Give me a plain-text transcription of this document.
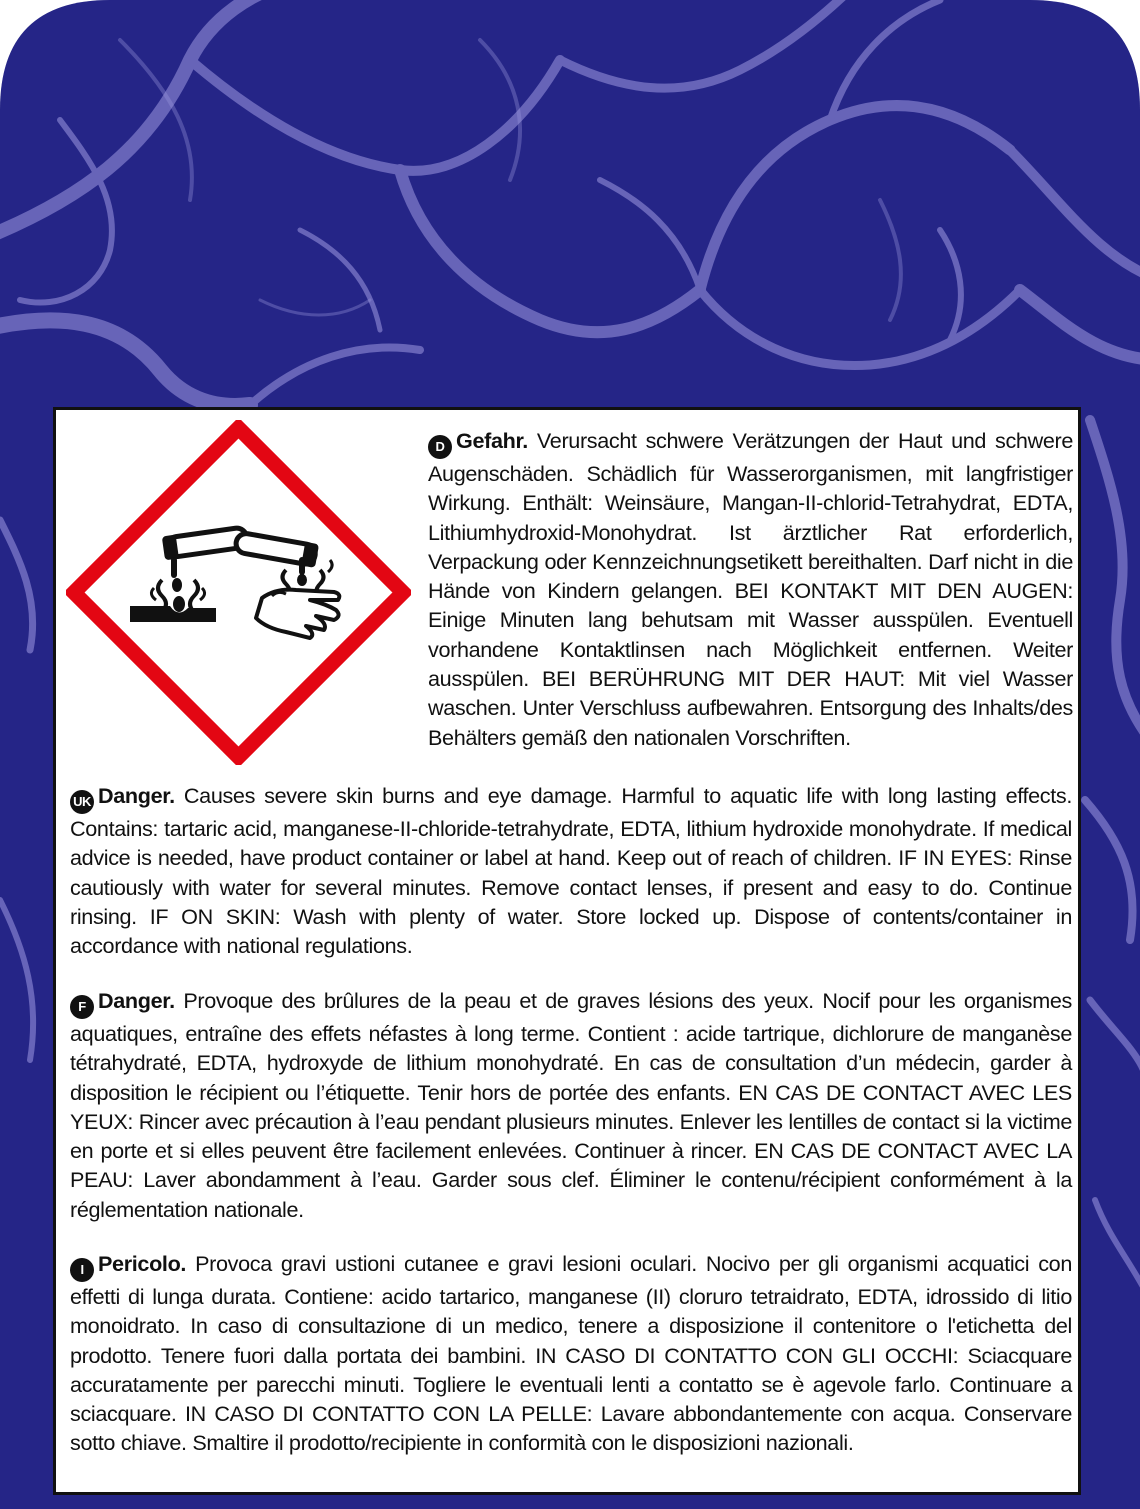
D Gefahr. Verursacht schwere Verätzungen der Haut und schwere Augenschäden. Schädlich für Wasserorganismen, mit langfristiger Wirkung. Enthält: Weinsäure, Mangan-II-chlorid-Tetrahydrat, EDTA, Lithiumhydroxid-Monohydrat. Ist ärztlicher Rat erforderlich, Verpackung oder Kennzeichnungsetikett bereithalten. Darf nicht in die Hände von Kindern gelangen. BEI KONTAKT MIT DEN AUGEN: Einige Minuten lang behutsam mit Wasser ausspülen. Eventuell vorhandene Kontaktlinsen nach Möglichkeit entfernen. Weiter ausspülen. BEI BERÜHRUNG MIT DER HAUT: Mit viel Wasser waschen. Unter Verschluss aufbewahren. Entsorgung des Inhalts/des Behälters gemäß den nationalen Vorschriften.

UK Danger. Causes severe skin burns and eye damage. Harmful to aquatic life with long lasting effects. Contains: tartaric acid, manganese-II-chloride-tetrahydrate, EDTA, lithium hydroxide monohydrate. If medical advice is needed, have product container or label at hand. Keep out of reach of children. IF IN EYES: Rinse cautiously with water for several minutes. Remove contact lenses, if present and easy to do. Continue rinsing. IF ON SKIN: Wash with plenty of water. Store locked up. Dispose of contents/container in accordance with national regulations.

F Danger. Provoque des brûlures de la peau et de graves lésions des yeux. Nocif pour les organismes aquatiques, entraîne des effets néfastes à long terme. Contient : acide tartrique, dichlorure de manganèse tétrahydraté, EDTA, hydroxyde de lithium monohydraté. En cas de consultation d’un médecin, garder à disposition le récipient ou l’étiquette. Tenir hors de portée des enfants. EN CAS DE CONTACT AVEC LES YEUX: Rincer avec précaution à l’eau pendant plusieurs minutes. Enlever les lentilles de contact si la victime en porte et si elles peuvent être facilement enlevées. Continuer à rincer. EN CAS DE CONTACT AVEC LA PEAU: Laver abondamment à l’eau. Garder sous clef. Éliminer le contenu/récipient conformément à la réglementation nationale.

I Pericolo. Provoca gravi ustioni cutanee e gravi lesioni oculari. Nocivo per gli organismi acquatici con effetti di lunga durata. Contiene: acido tartarico, manganese (II) cloruro tetraidrato, EDTA, idrossido di litio monoidrato. In caso di consultazione di un medico, tenere a disposizione il contenitore o l'etichetta del prodotto. Tenere fuori dalla portata dei bambini. IN CASO DI CONTATTO CON GLI OCCHI: Sciacquare accuratamente per parecchi minuti. Togliere le eventuali lenti a contatto se è agevole farlo. Continuare a sciacquare. IN CASO DI CONTATTO CON LA PELLE: Lavare abbondantemente con acqua. Conservare sotto chiave. Smaltire il prodotto/recipiente in conformità con le disposizioni nazionali.
